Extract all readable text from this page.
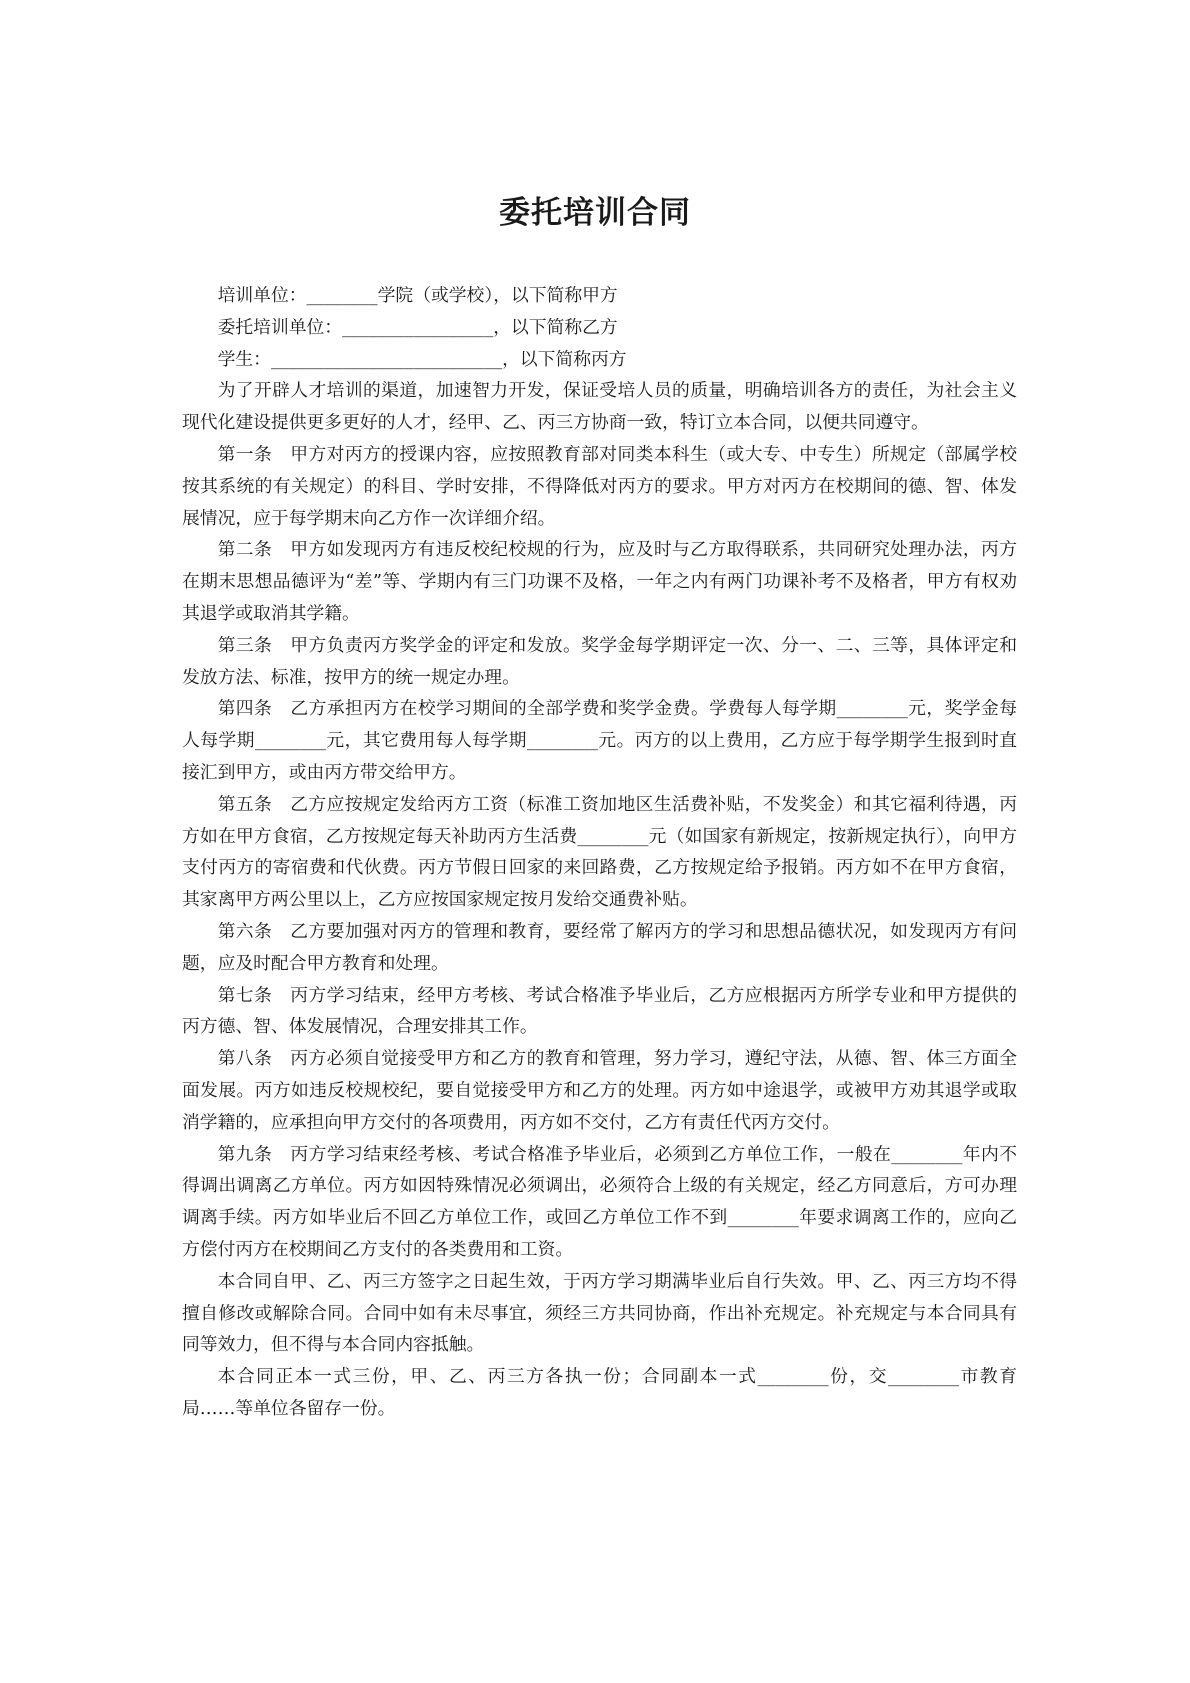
委托培训合同
培训单位：________学院（或学校），以下简称甲方
委托培训单位：_________________，以下简称乙方
学生：__________________________，以下简称丙方

为了开辟人才培训的渠道，加速智力开发，保证受培人员的质量，明确培训各方的责任，为社会主义现代化建设提供更多更好的人才，经甲、乙、丙三方协商一致，特订立本合同，以便共同遵守。

第一条　甲方对丙方的授课内容，应按照教育部对同类本科生（或大专、中专生）所规定（部属学校按其系统的有关规定）的科目、学时安排，不得降低对丙方的要求。甲方对丙方在校期间的德、智、体发展情况，应于每学期末向乙方作一次详细介绍。

第二条　甲方如发现丙方有违反校纪校规的行为，应及时与乙方取得联系，共同研究处理办法，丙方在期末思想品德评为“差”等、学期内有三门功课不及格，一年之内有两门功课补考不及格者，甲方有权劝其退学或取消其学籍。

第三条　甲方负责丙方奖学金的评定和发放。奖学金每学期评定一次、分一、二、三等，具体评定和发放方法、标准，按甲方的统一规定办理。

第四条　乙方承担丙方在校学习期间的全部学费和奖学金费。学费每人每学期________元，奖学金每人每学期________元，其它费用每人每学期________元。丙方的以上费用，乙方应于每学期学生报到时直接汇到甲方，或由丙方带交给甲方。

第五条　乙方应按规定发给丙方工资（标准工资加地区生活费补贴，不发奖金）和其它福利待遇，丙方如在甲方食宿，乙方按规定每天补助丙方生活费________元（如国家有新规定，按新规定执行），向甲方支付丙方的寄宿费和代伙费。丙方节假日回家的来回路费，乙方按规定给予报销。丙方如不在甲方食宿，其家离甲方两公里以上，乙方应按国家规定按月发给交通费补贴。

第六条　乙方要加强对丙方的管理和教育，要经常了解丙方的学习和思想品德状况，如发现丙方有问题，应及时配合甲方教育和处理。

第七条　丙方学习结束，经甲方考核、考试合格准予毕业后，乙方应根据丙方所学专业和甲方提供的丙方德、智、体发展情况，合理安排其工作。

第八条　丙方必须自觉接受甲方和乙方的教育和管理，努力学习，遵纪守法，从德、智、体三方面全面发展。丙方如违反校规校纪，要自觉接受甲方和乙方的处理。丙方如中途退学，或被甲方劝其退学或取消学籍的，应承担向甲方交付的各项费用，丙方如不交付，乙方有责任代丙方交付。

第九条　丙方学习结束经考核、考试合格准予毕业后，必须到乙方单位工作，一般在________年内不得调出调离乙方单位。丙方如因特殊情况必须调出，必须符合上级的有关规定，经乙方同意后，方可办理调离手续。丙方如毕业后不回乙方单位工作，或回乙方单位工作不到________年要求调离工作的，应向乙方偿付丙方在校期间乙方支付的各类费用和工资。

本合同自甲、乙、丙三方签字之日起生效，于丙方学习期满毕业后自行失效。甲、乙、丙三方均不得擅自修改或解除合同。合同中如有未尽事宜，须经三方共同协商，作出补充规定。补充规定与本合同具有同等效力，但不得与本合同内容抵触。

本合同正本一式三份，甲、乙、丙三方各执一份；合同副本一式________份，交________市教育局……等单位各留存一份。
